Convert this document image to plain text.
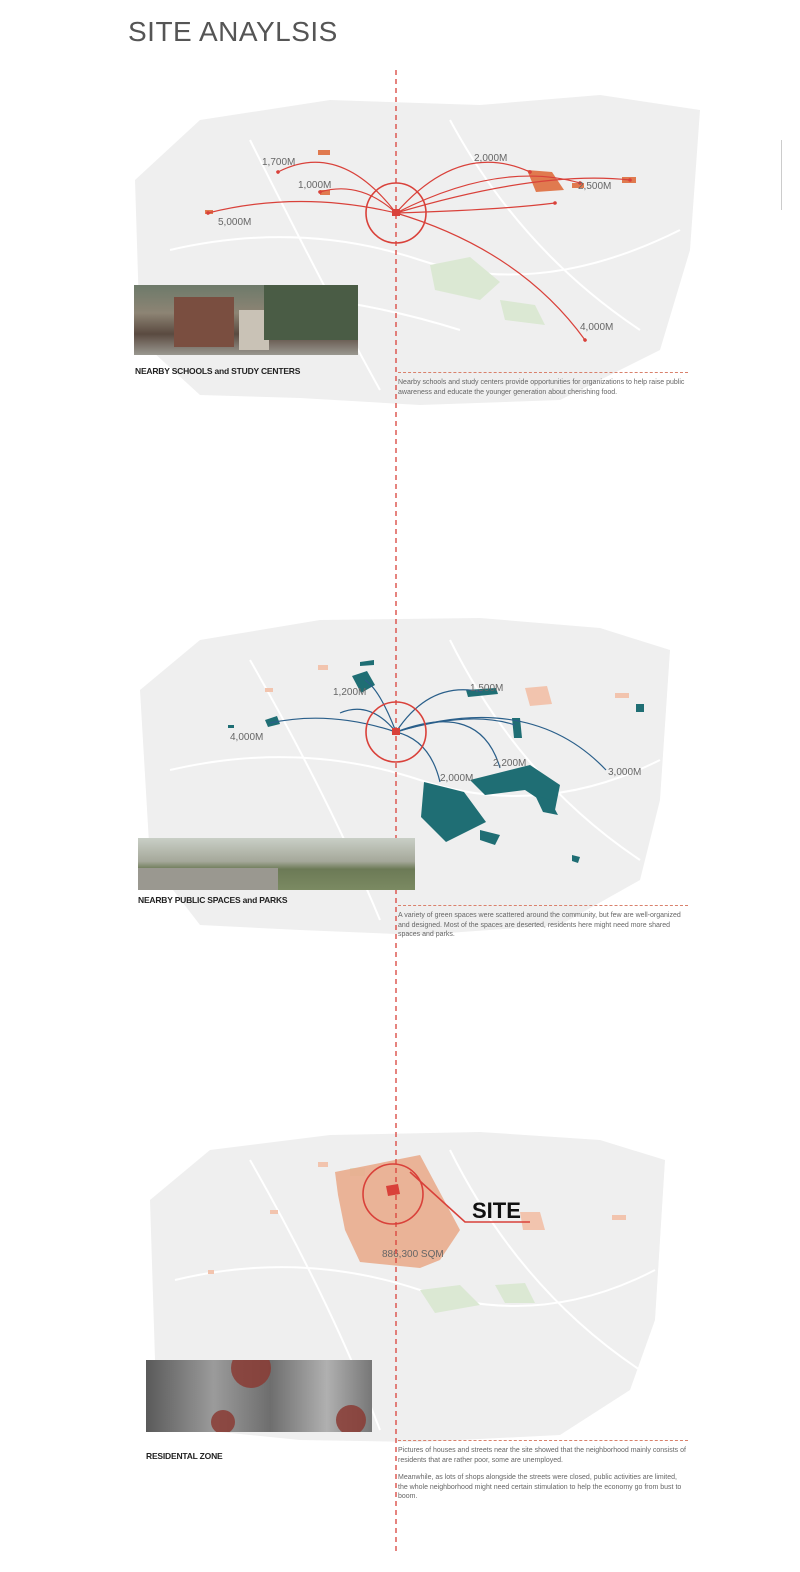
SITE ANAYLSIS
1,700M
1,000M
5,000M
2,000M
2,500M
4,000M
1,200M	1,500M
4,000M
2,000M
2,200M
3,000M
SITE
886,300 SQM
NEARBY SCHOOLS and STUDY CENTERS
Nearby schools and study centers provide opportunities for organizations to help raise public awareness and educate the younger generation about cherishing food.
NEARBY PUBLIC SPACES and PARKS
A variety of green spaces were scattered around the community, but few are well-organized and designed. Most of the spaces are deserted, residents here might need more shared spaces and parks.
RESIDENTAL ZONE
Pictures of houses and streets near the site showed that the neighborhood mainly consists of residents that are rather poor, some are unemployed.
Meanwhile, as lots of shops alongside the streets were closed, public activities are limited, the whole neighborhood might need certain stimulation to help the economy go from bust to boom.
